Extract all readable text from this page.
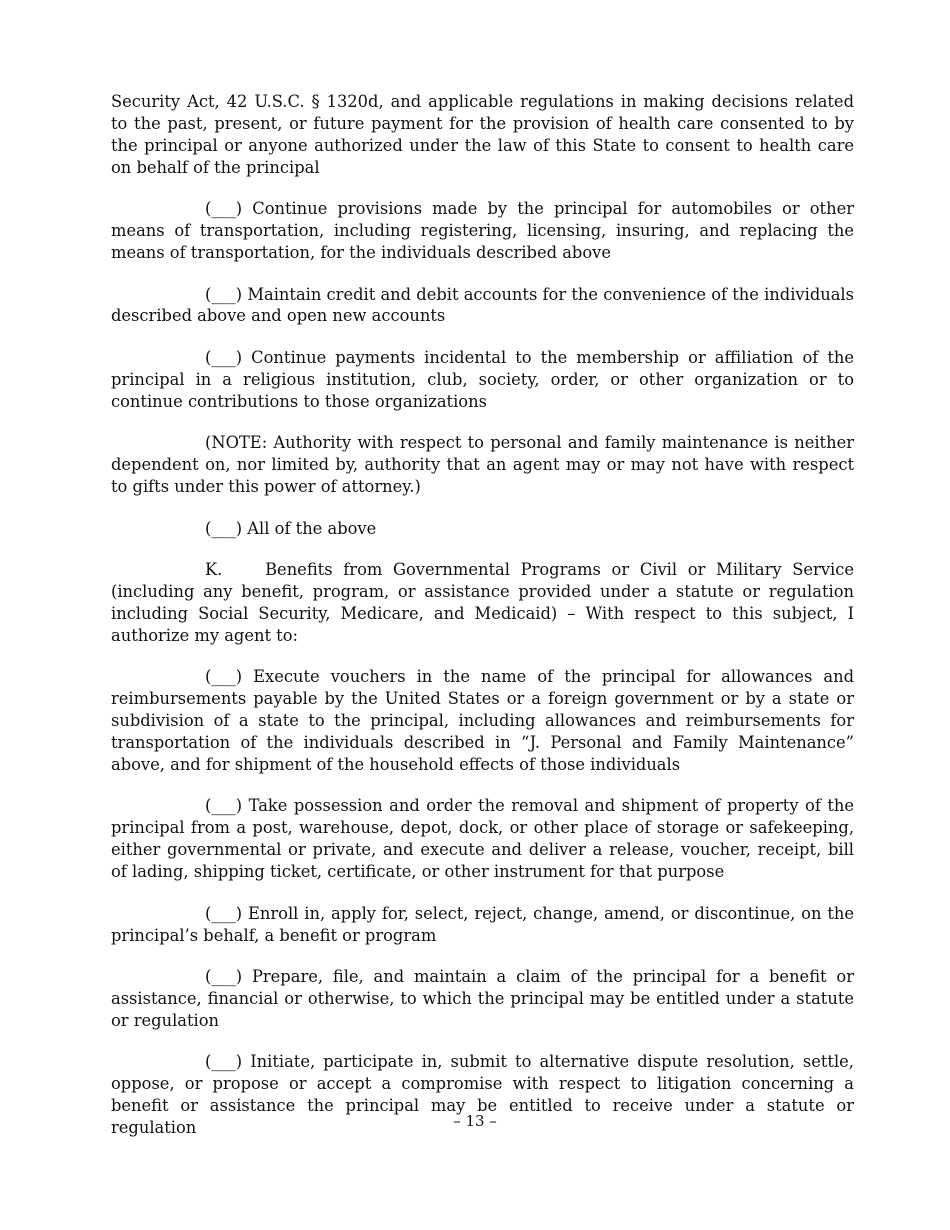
Security Act, 42 U.S.C. § 1320d, and applicable regulations in making decisions related to the past, present, or future payment for the provision of health care consented to by the principal or anyone authorized under the law of this State to consent to health care on behalf of the principal

(___) Continue provisions made by the principal for automobiles or other means of transportation, including registering, licensing, insuring, and replacing the means of transportation, for the individuals described above

(___) Maintain credit and debit accounts for the convenience of the individuals described above and open new accounts

(___) Continue payments incidental to the membership or affiliation of the principal in a religious institution, club, society, order, or other organization or to continue contributions to those organizations

(NOTE: Authority with respect to personal and family maintenance is neither dependent on, nor limited by, authority that an agent may or may not have with respect to gifts under this power of attorney.)

(___) All of the above

K.    Benefits from Governmental Programs or Civil or Military Service (including any benefit, program, or assistance provided under a statute or regulation including Social Security, Medicare, and Medicaid) – With respect to this subject, I authorize my agent to:

(___) Execute vouchers in the name of the principal for allowances and reimbursements payable by the United States or a foreign government or by a state or subdivision of a state to the principal, including allowances and reimbursements for transportation of the individuals described in “J. Personal and Family Maintenance” above, and for shipment of the household effects of those individuals

(___) Take possession and order the removal and shipment of property of the principal from a post, warehouse, depot, dock, or other place of storage or safekeeping, either governmental or private, and execute and deliver a release, voucher, receipt, bill of lading, shipping ticket, certificate, or other instrument for that purpose

(___) Enroll in, apply for, select, reject, change, amend, or discontinue, on the principal’s behalf, a benefit or program

(___) Prepare, file, and maintain a claim of the principal for a benefit or assistance, financial or otherwise, to which the principal may be entitled under a statute or regulation

(___) Initiate, participate in, submit to alternative dispute resolution, settle, oppose, or propose or accept a compromise with respect to litigation concerning a benefit or assistance the principal may be entitled to receive under a statute or regulation	– 13 –
